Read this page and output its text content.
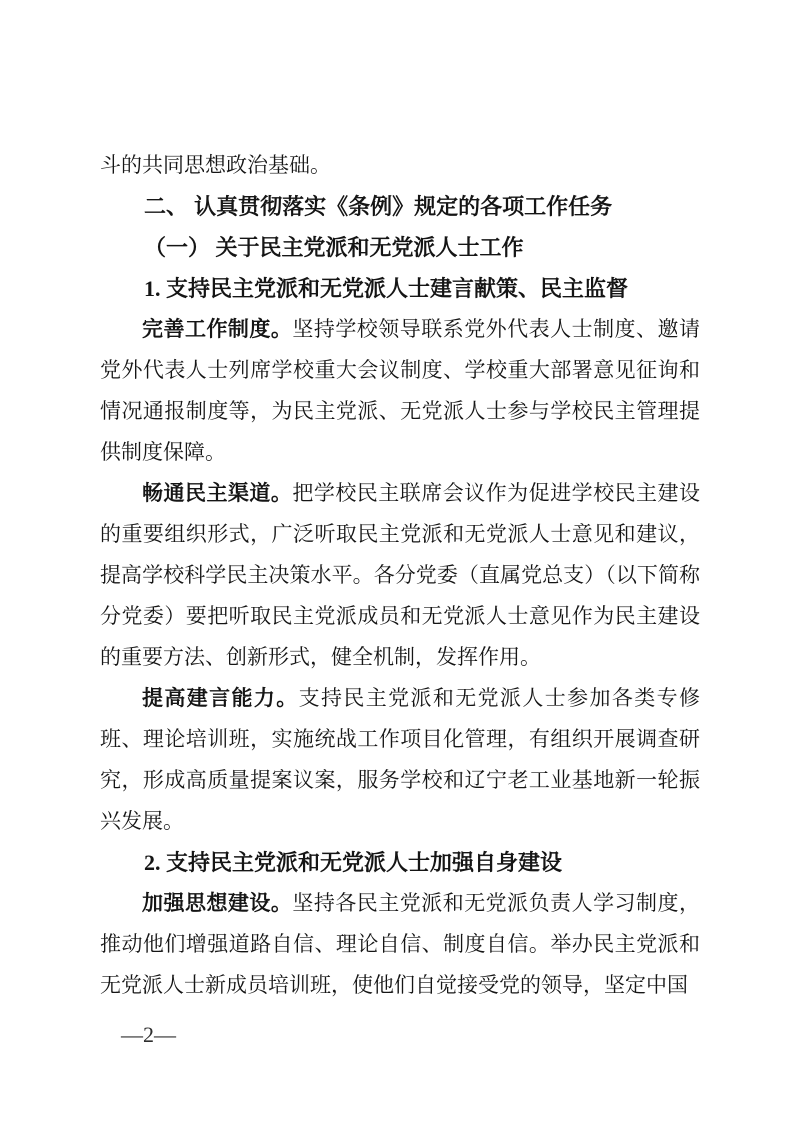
斗的共同思想政治基础。

二、 认真贯彻落实《条例》规定的各项工作任务

（一） 关于民主党派和无党派人士工作

1. 支持民主党派和无党派人士建言献策、民主监督

完善工作制度。坚持学校领导联系党外代表人士制度、邀请党外代表人士列席学校重大会议制度、学校重大部署意见征询和情况通报制度等，为民主党派、无党派人士参与学校民主管理提供制度保障。

畅通民主渠道。把学校民主联席会议作为促进学校民主建设的重要组织形式，广泛听取民主党派和无党派人士意见和建议，提高学校科学民主决策水平。各分党委（直属党总支）（以下简称分党委）要把听取民主党派成员和无党派人士意见作为民主建设的重要方法、创新形式，健全机制，发挥作用。

提高建言能力。支持民主党派和无党派人士参加各类专修班、理论培训班，实施统战工作项目化管理，有组织开展调查研究，形成高质量提案议案，服务学校和辽宁老工业基地新一轮振兴发展。

2. 支持民主党派和无党派人士加强自身建设

加强思想建设。坚持各民主党派和无党派负责人学习制度，推动他们增强道路自信、理论自信、制度自信。举办民主党派和无党派人士新成员培训班，使他们自觉接受党的领导，坚定中国

—2—
